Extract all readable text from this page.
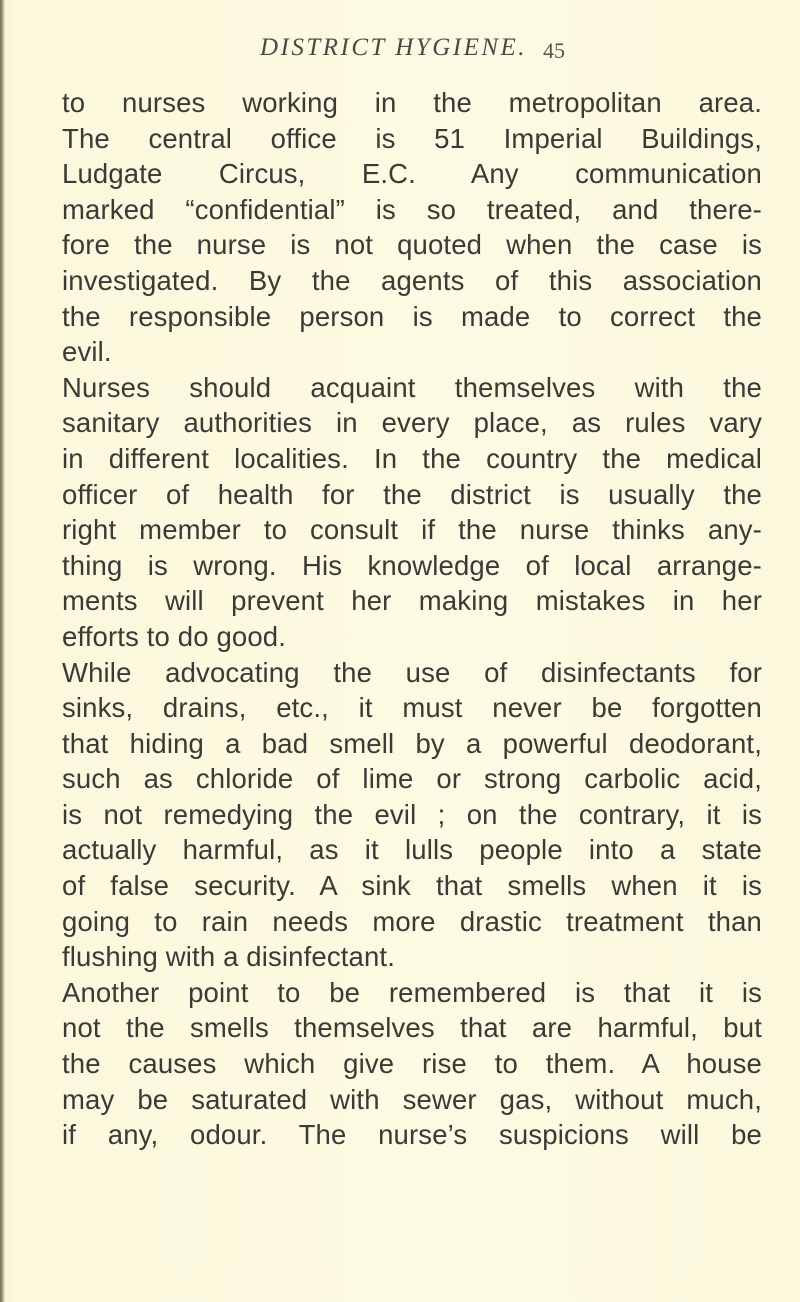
DISTRICT HYGIENE. 45
to nurses working in the metropolitan area.
The central office is 51 Imperial Buildings,
Ludgate Circus, E.C. Any communication
marked “confidential” is so treated, and there-
fore the nurse is not quoted when the case is
investigated. By the agents of this association
the responsible person is made to correct the
evil.
Nurses should acquaint themselves with the
sanitary authorities in every place, as rules vary
in different localities. In the country the medical
officer of health for the district is usually the
right member to consult if the nurse thinks any-
thing is wrong. His knowledge of local arrange-
ments will prevent her making mistakes in her
efforts to do good.
While advocating the use of disinfectants for
sinks, drains, etc., it must never be forgotten
that hiding a bad smell by a powerful deodorant,
such as chloride of lime or strong carbolic acid,
is not remedying the evil ; on the contrary, it is
actually harmful, as it lulls people into a state
of false security. A sink that smells when it is
going to rain needs more drastic treatment than
flushing with a disinfectant.
Another point to be remembered is that it is
not the smells themselves that are harmful, but
the causes which give rise to them. A house
may be saturated with sewer gas, without much,
if any, odour. The nurse’s suspicions will be
